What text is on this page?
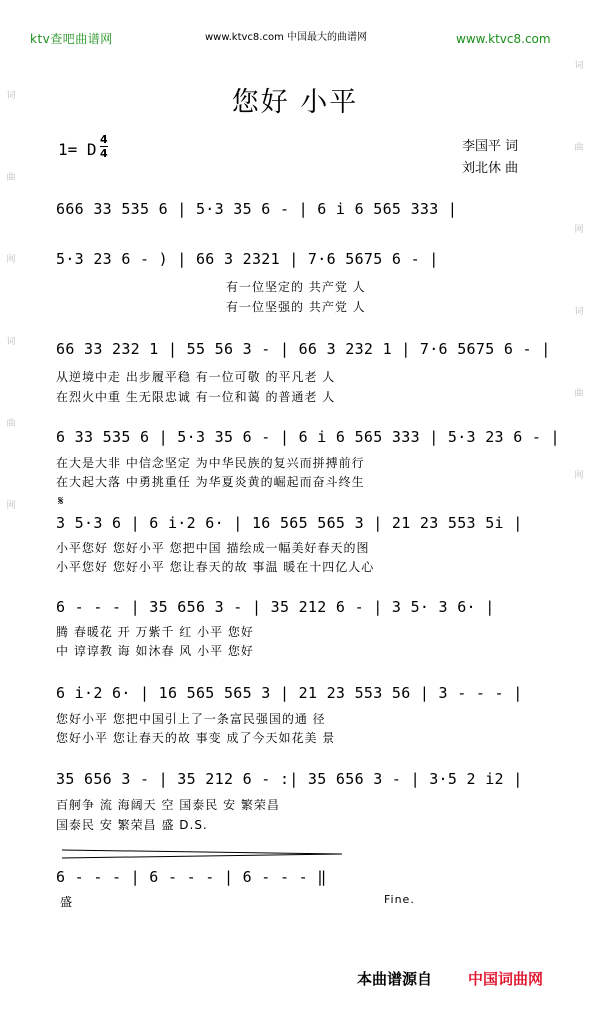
ktv查吧曲谱网	www.ktvc8.com 中国最大的曲谱网	www.ktvc8.com
词
曲
网
词
曲
网
词
曲
网
词
曲
网
您好 小平
1= D
4
4	李国平 词
刘北休 曲
666 33 535 6 | 5·3 35 6 - | 6 i 6 565 333 |
5·3 23 6 - ) | 66 3 2321 | 7·6 5675 6 - |
有一位坚定的 共产党 人
有一位坚强的 共产党 人
66 33 232 1 | 55 56 3 - | 66 3 232 1 | 7·6 5675 6 - |
从逆境中走 出步履平稳 有一位可敬 的平凡老 人
在烈火中重 生无限忠诚 有一位和蔼 的普通老 人
6 33 535 6 | 5·3 35 6 - | 6 i 6 565 333 | 5·3 23 6 - |
在大是大非 中信念坚定 为中华民族的复兴而拼搏前行
在大起大落 中勇挑重任 为华夏炎黄的崛起而奋斗终生
𝄋
3 5·3 6 | 6 i·2 6· | 16 565 565 3 | 21 23 553 5i |
小平您好 您好小平 您把中国 描绘成一幅美好春天的图
小平您好 您好小平 您让春天的故 事温 暖在十四亿人心
6 - - - | 35 656 3 - | 35 212 6 - | 3 5· 3 6· |
腾 春暖花 开 万紫千 红 小平 您好
中 谆谆教 诲 如沐春 风 小平 您好
6 i·2 6· | 16 565 565 3 | 21 23 553 56 | 3 - - - |
您好小平 您把中国引上了一条富民强国的通 径
您好小平 您让春天的故 事变 成了今天如花美 景
35 656 3 - | 35 212 6 - :| 35 656 3 - | 3·5 2 i2 |
百舸争 流 海阔天 空 国泰民 安 繁荣昌
国泰民 安 繁荣昌 盛 D.S.
6 - - - | 6 - - - | 6 - - - ‖
盛	Fine.
本曲谱源自 中国词曲网
